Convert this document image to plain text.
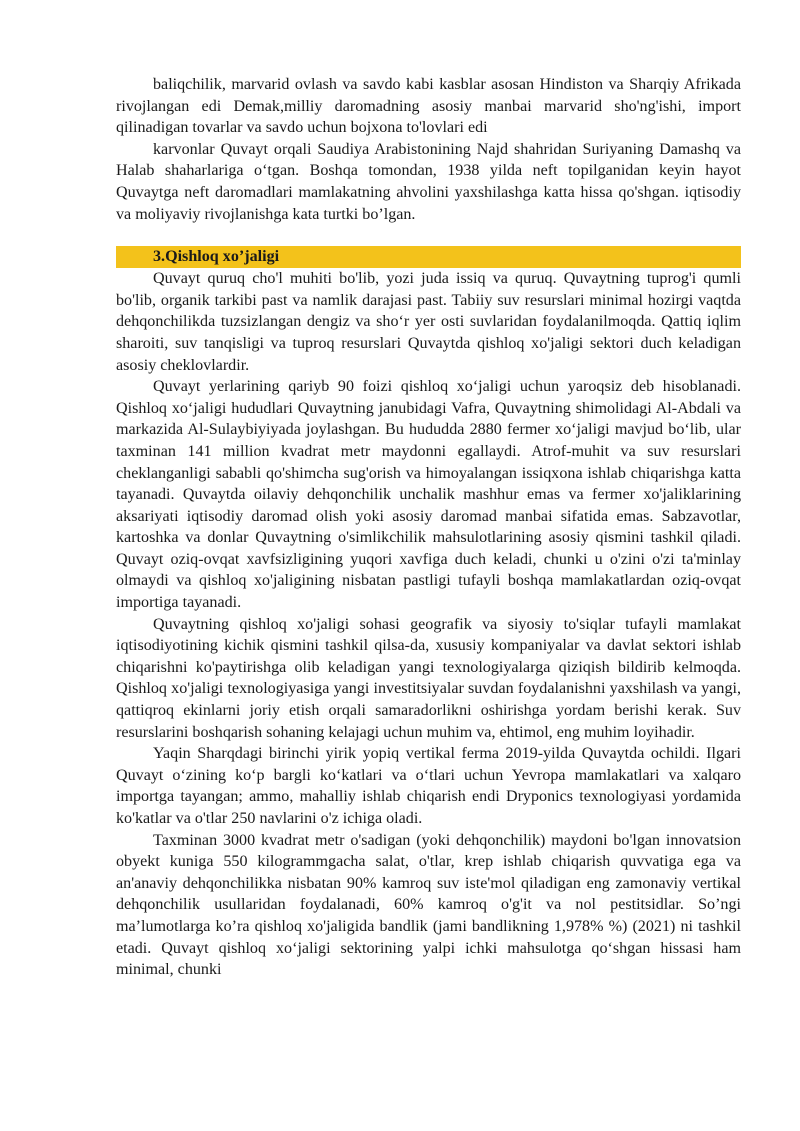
baliqchilik, marvarid ovlash va savdo kabi kasblar asosan Hindiston va Sharqiy Afrikada rivojlangan edi Demak,milliy daromadning asosiy manbai marvarid sho'ng'ishi, import qilinadigan tovarlar va savdo uchun bojxona to'lovlari edi

karvonlar Quvayt orqali Saudiya Arabistonining Najd shahridan Suriyaning Damashq va Halab shaharlariga o‘tgan. Boshqa tomondan, 1938 yilda neft topilganidan keyin hayot Quvaytga neft daromadlari mamlakatning ahvolini yaxshilashga katta hissa qo'shgan. iqtisodiy va moliyaviy rivojlanishga kata turtki bo’lgan.

3.Qishloq xo’jaligi

Quvayt quruq cho'l muhiti bo'lib, yozi juda issiq va quruq. Quvaytning tuprog'i qumli bo'lib, organik tarkibi past va namlik darajasi past. Tabiiy suv resurslari minimal hozirgi vaqtda dehqonchilikda tuzsizlangan dengiz va sho‘r yer osti suvlaridan foydalanilmoqda. Qattiq iqlim sharoiti, suv tanqisligi va tuproq resurslari Quvaytda qishloq xo'jaligi sektori duch keladigan asosiy cheklovlardir.

Quvayt yerlarining qariyb 90 foizi qishloq xo‘jaligi uchun yaroqsiz deb hisoblanadi. Qishloq xo‘jaligi hududlari Quvaytning janubidagi Vafra, Quvaytning shimolidagi Al-Abdali va markazida Al-Sulaybiyiyada joylashgan. Bu hududda 2880 fermer xo‘jaligi mavjud bo‘lib, ular taxminan 141 million kvadrat metr maydonni egallaydi. Atrof-muhit va suv resurslari cheklanganligi sababli qo'shimcha sug'orish va himoyalangan issiqxona ishlab chiqarishga katta tayanadi. Quvaytda oilaviy dehqonchilik unchalik mashhur emas va fermer xo'jaliklarining aksariyati iqtisodiy daromad olish yoki asosiy daromad manbai sifatida emas. Sabzavotlar, kartoshka va donlar Quvaytning o'simlikchilik mahsulotlarining asosiy qismini tashkil qiladi. Quvayt oziq-ovqat xavfsizligining yuqori xavfiga duch keladi, chunki u o'zini o'zi ta'minlay olmaydi va qishloq xo'jaligining nisbatan pastligi tufayli boshqa mamlakatlardan oziq-ovqat importiga tayanadi.

Quvaytning qishloq xo'jaligi sohasi geografik va siyosiy to'siqlar tufayli mamlakat iqtisodiyotining kichik qismini tashkil qilsa-da, xususiy kompaniyalar va davlat sektori ishlab chiqarishni ko'paytirishga olib keladigan yangi texnologiyalarga qiziqish bildirib kelmoqda. Qishloq xo'jaligi texnologiyasiga yangi investitsiyalar suvdan foydalanishni yaxshilash va yangi, qattiqroq ekinlarni joriy etish orqali samaradorlikni oshirishga yordam berishi kerak. Suv resurslarini boshqarish sohaning kelajagi uchun muhim va, ehtimol, eng muhim loyihadir.

Yaqin Sharqdagi birinchi yirik yopiq vertikal ferma 2019-yilda Quvaytda ochildi. Ilgari Quvayt o‘zining ko‘p bargli ko‘katlari va o‘tlari uchun Yevropa mamlakatlari va xalqaro importga tayangan; ammo, mahalliy ishlab chiqarish endi Dryponics texnologiyasi yordamida ko'katlar va o'tlar 250 navlarini o'z ichiga oladi.

Taxminan 3000 kvadrat metr o'sadigan (yoki dehqonchilik) maydoni bo'lgan innovatsion obyekt kuniga 550 kilogrammgacha salat, o'tlar, krep ishlab chiqarish quvvatiga ega va an'anaviy dehqonchilikka nisbatan 90% kamroq suv iste'mol qiladigan eng zamonaviy vertikal dehqonchilik usullaridan foydalanadi, 60% kamroq o'g'it va nol pestitsidlar. So’ngi ma’lumotlarga ko’ra qishloq xo'jaligida bandlik (jami bandlikning 1,978% %) (2021) ni tashkil etadi. Quvayt qishloq xo‘jaligi sektorining yalpi ichki mahsulotga qo‘shgan hissasi ham minimal, chunki
